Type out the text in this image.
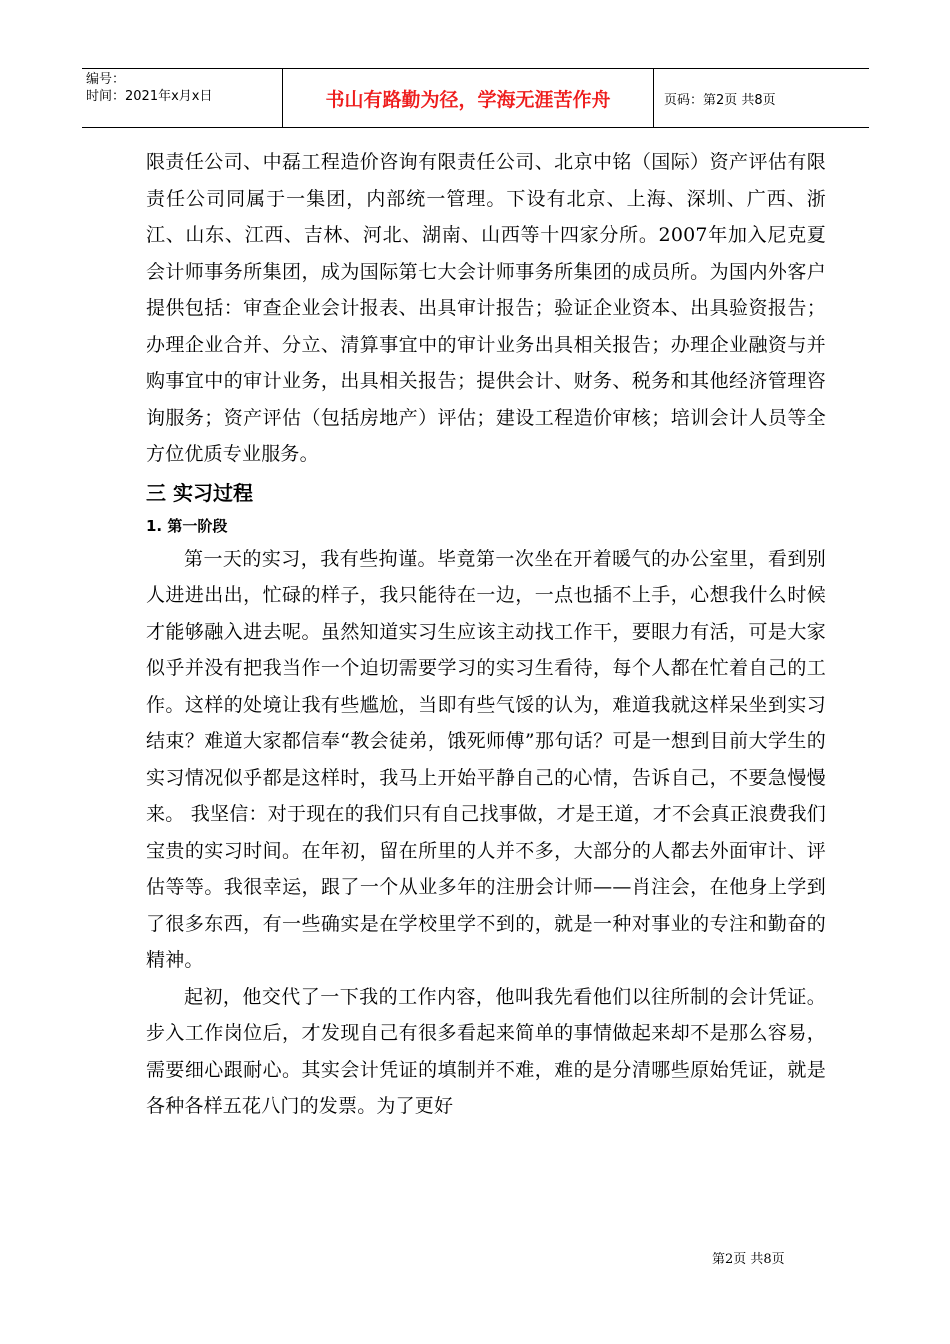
编号：
时间：2021年x月x日	书山有路勤为径，学海无涯苦作舟	页码：第2页 共8页

限责任公司、中磊工程造价咨询有限责任公司、北京中铭（国际）资产评估有限责任公司同属于一集团，内部统一管理。下设有北京、上海、深圳、广西、浙江、山东、江西、吉林、河北、湖南、山西等十四家分所。2007年加入尼克夏会计师事务所集团，成为国际第七大会计师事务所集团的成员所。为国内外客户提供包括：审查企业会计报表、出具审计报告；验证企业资本、出具验资报告；办理企业合并、分立、清算事宜中的审计业务出具相关报告；办理企业融资与并购事宜中的审计业务，出具相关报告；提供会计、财务、税务和其他经济管理咨询服务；资产评估（包括房地产）评估；建设工程造价审核；培训会计人员等全方位优质专业服务。

三 实习过程
1. 第一阶段

第一天的实习，我有些拘谨。毕竟第一次坐在开着暖气的办公室里，看到别人进进出出，忙碌的样子，我只能待在一边，一点也插不上手，心想我什么时候才能够融入进去呢。虽然知道实习生应该主动找工作干，要眼力有活，可是大家似乎并没有把我当作一个迫切需要学习的实习生看待，每个人都在忙着自己的工作。这样的处境让我有些尴尬，当即有些气馁的认为，难道我就这样呆坐到实习结束？难道大家都信奉“教会徒弟，饿死师傅”那句话？可是一想到目前大学生的实习情况似乎都是这样时，我马上开始平静自己的心情，告诉自己，不要急慢慢来。 我坚信：对于现在的我们只有自己找事做，才是王道，才不会真正浪费我们宝贵的实习时间。在年初，留在所里的人并不多，大部分的人都去外面审计、评估等等。我很幸运，跟了一个从业多年的注册会计师——肖注会，在他身上学到了很多东西，有一些确实是在学校里学不到的，就是一种对事业的专注和勤奋的精神。

起初，他交代了一下我的工作内容，他叫我先看他们以往所制的会计凭证。步入工作岗位后，才发现自己有很多看起来简单的事情做起来却不是那么容易，需要细心跟耐心。其实会计凭证的填制并不难，难的是分清哪些原始凭证，就是各种各样五花八门的发票。为了更好

第2页 共8页
